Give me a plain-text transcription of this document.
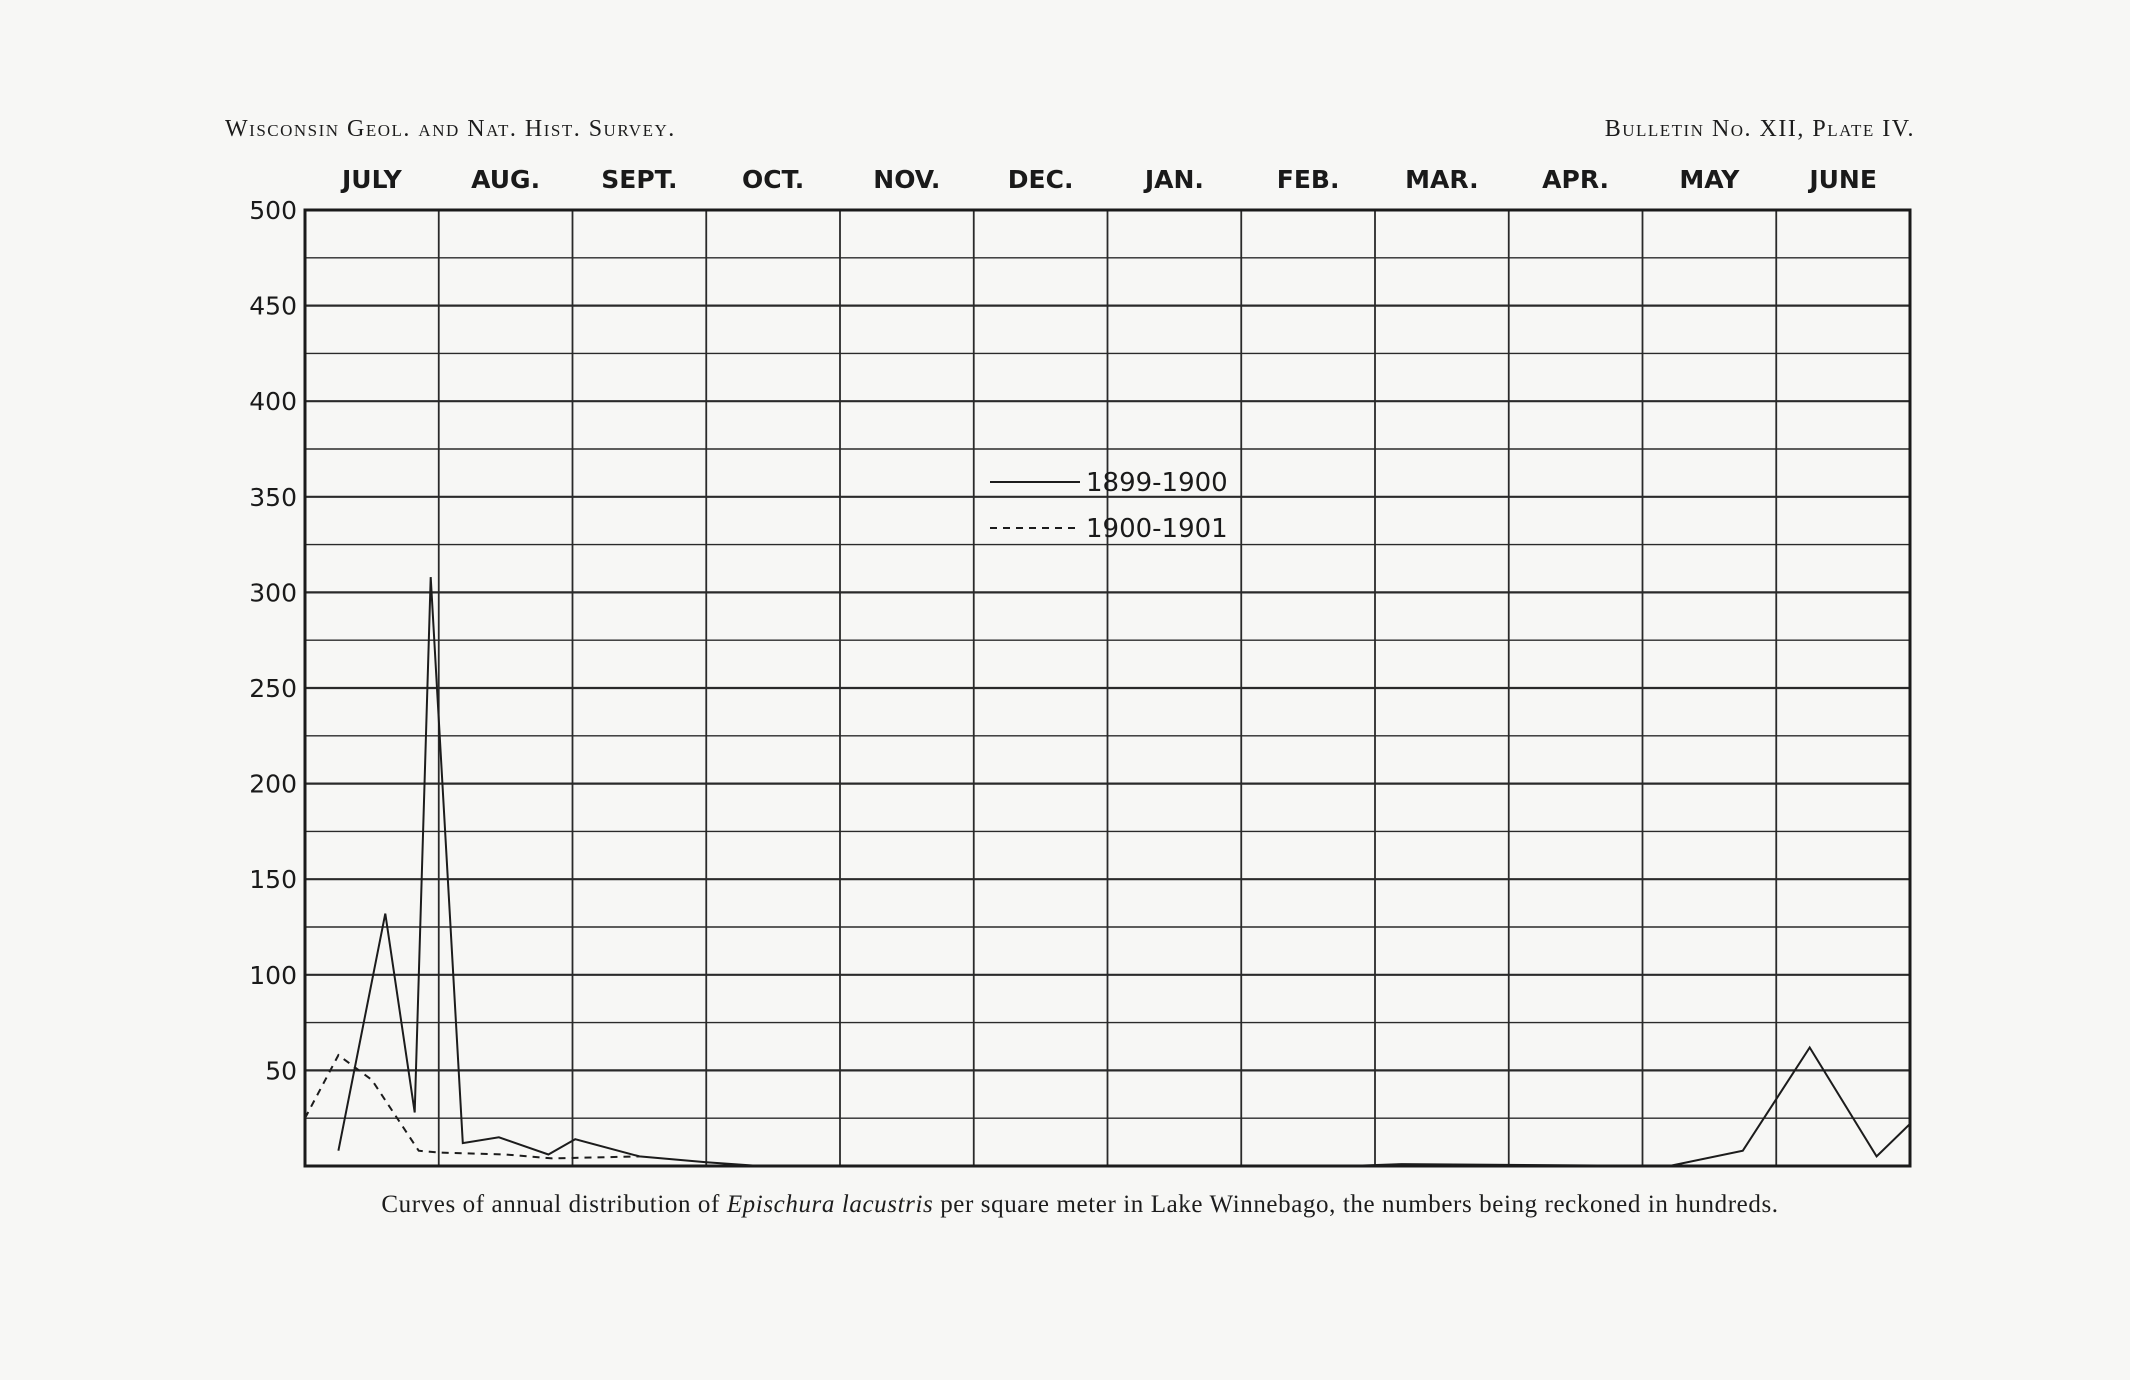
Wisconsin Geol. and Nat. Hist. Survey.	Bulletin No. XII, Plate IV.
JULY	AUG. SEPT.	OCT.	NOV.	DEC.	JAN.	FEB.	MAR.	APR.	MAY	JUNE
50
100
150
200
250
300
350
400
450
500
1899-1900
1900-1901
Curves of annual distribution of Epischura lacustris per square meter in Lake Winnebago, the numbers being reckoned in hundreds.
